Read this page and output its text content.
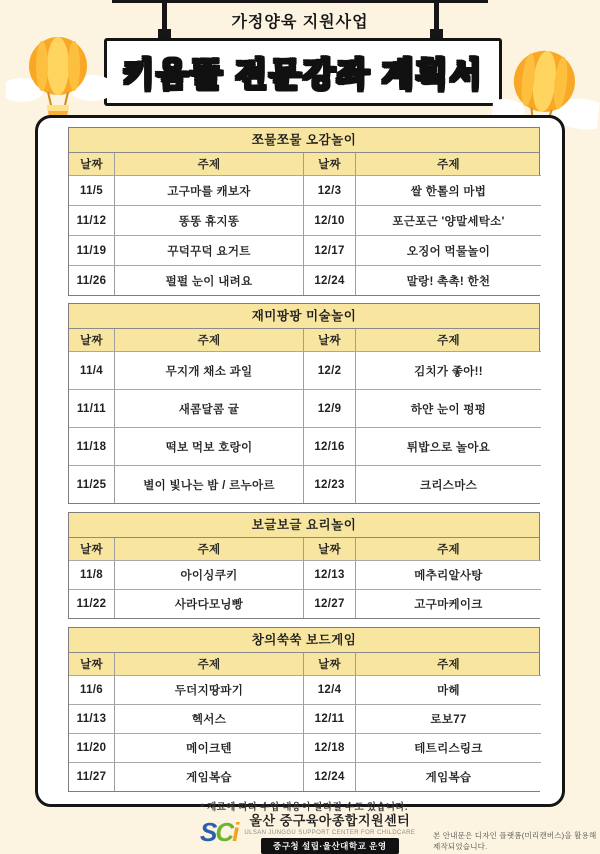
가정양육 지원사업
키움뜰 전문강좌 계획서
쪼물쪼물 오감놀이
날짜	주제	날짜	주제
11/5	고구마를 캐보자	12/3	쌀 한톨의 마법
11/12	똥똥 휴지똥	12/10	포근포근 '양말세탁소'
11/19	꾸덕꾸덕 요거트	12/17	오징어 먹물놀이
11/26	펄펄 눈이 내려요	12/24	말랑! 촉촉! 한천
재미팡팡 미술놀이
날짜	주제	날짜	주제
11/4	무지개 채소 과일	12/2	김치가 좋아!!
11/11	새콤달콤 귤	12/9	하얀 눈이 펑펑
11/18	떡보 먹보 호랑이	12/16	튀밥으로 놀아요
11/25	별이 빛나는 밤 / 르누아르	12/23	크리스마스
보글보글 요리놀이
날짜	주제	날짜	주제
11/8	아이싱쿠키	12/13	메추리알사탕
11/22	사라다모닝빵	12/27	고구마케이크
창의쑥쑥 보드게임
날짜	주제	날짜	주제
11/6	두더지땅파기	12/4	마헤
11/13	헥서스	12/11	로보77
11/20	메이크텐	12/18	테트리스링크
11/27	게임복습	12/24	게임복습
* 재료에 따라 수업 내용이 달라질 수도 있습니다.
SCi 울산 중구육아종합지원센터
ULSAN JUNGGU SUPPORT CENTER FOR CHILDCARE
중구청 설립·울산대학교 운영
본 안내문은 디자인 플랫폼(미리캔버스)을 활용해 제작되었습니다.
